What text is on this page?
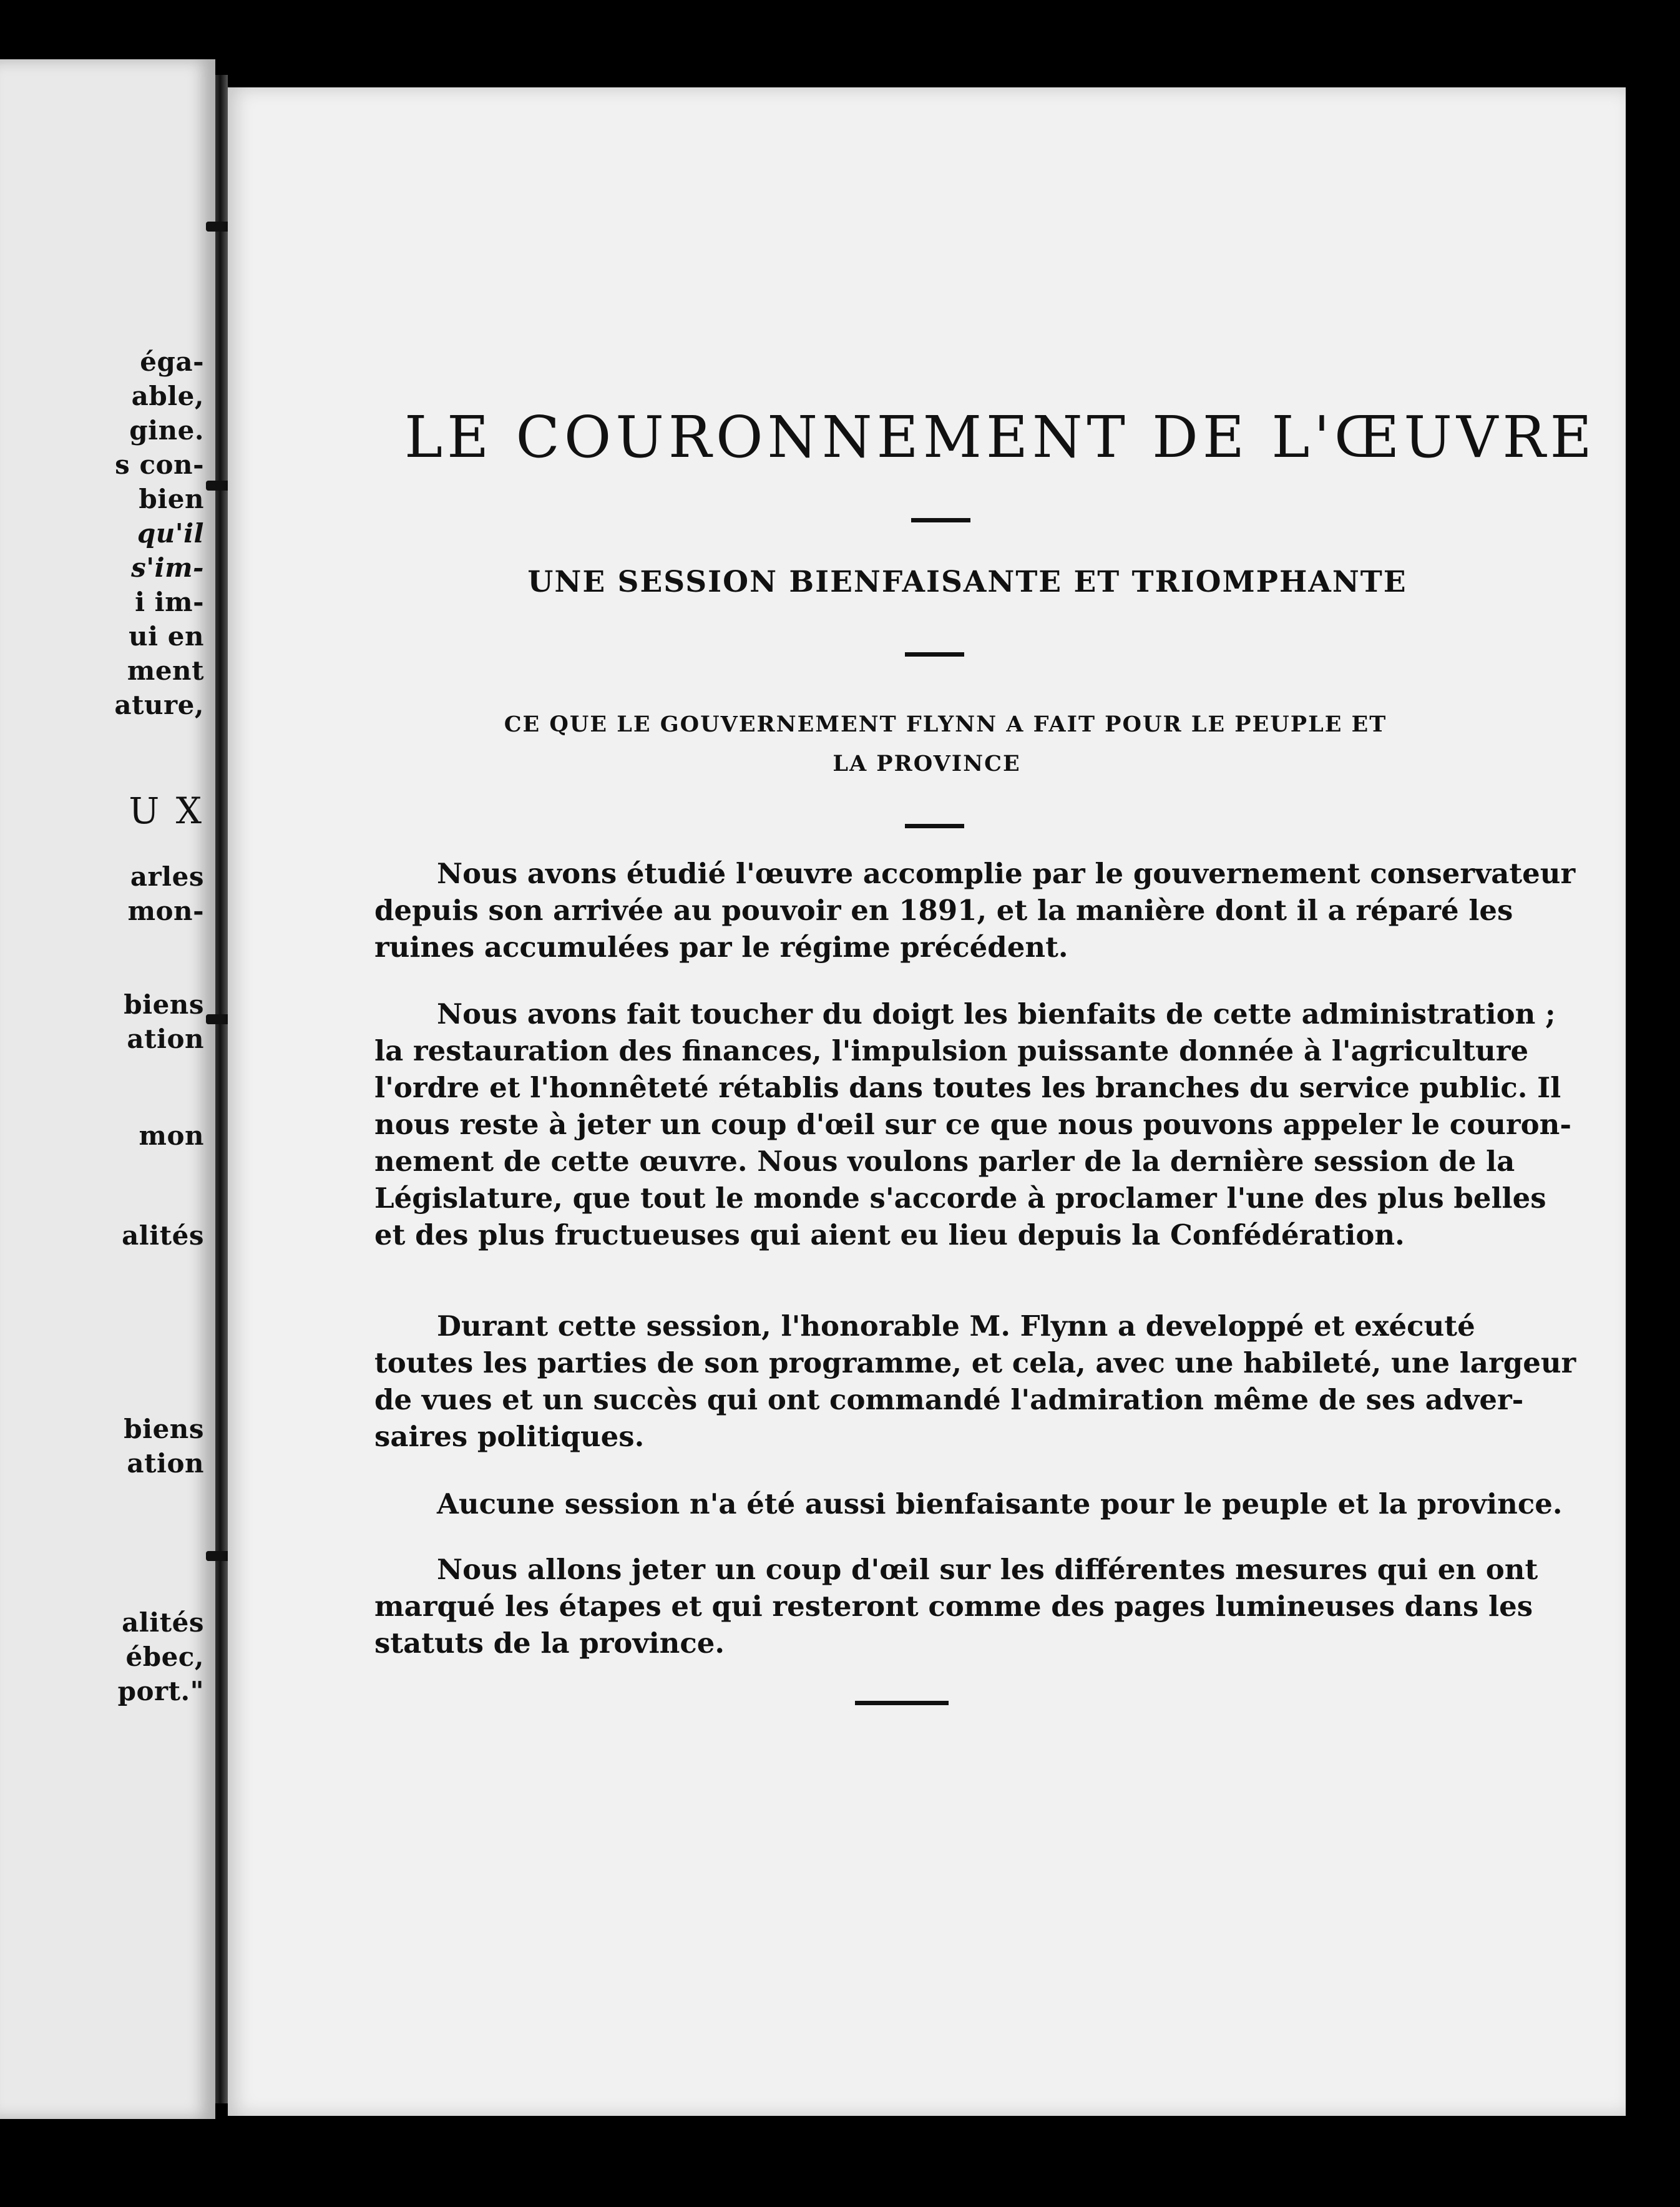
égа-
able,
gine.
s con-
bien
qu'il
s'im-
i im-
ui en
ment
ature,
U X
arles
mon-
biens
ation
mon
alités
biens
ation
alités
ébec,
port."
LE COURONNEMENT DE L'ŒUVRE
UNE SESSION BIENFAISANTE ET TRIOMPHANTE
CE QUE LE GOUVERNEMENT FLYNN A FAIT POUR LE PEUPLE ET
LA PROVINCE
Nous avons étudié l'œuvre accomplie par le gouvernement conservateur
depuis son arrivée au pouvoir en 1891, et la manière dont il a réparé les
ruines accumulées par le régime précédent.
Nous avons fait toucher du doigt les bienfaits de cette administration ;
la restauration des finances, l'impulsion puissante donnée à l'agriculture
l'ordre et l'honnêteté rétablis dans toutes les branches du service public. Il
nous reste à jeter un coup d'œil sur ce que nous pouvons appeler le couron-
nement de cette œuvre. Nous voulons parler de la dernière session de la
Législature, que tout le monde s'accorde à proclamer l'une des plus belles
et des plus fructueuses qui aient eu lieu depuis la Confédération.
Durant cette session, l'honorable M. Flynn a developpé et exécuté
toutes les parties de son programme, et cela, avec une habileté, une largeur
de vues et un succès qui ont commandé l'admiration même de ses adver-
saires politiques.
Aucune session n'a été aussi bienfaisante pour le peuple et la province.
Nous allons jeter un coup d'œil sur les différentes mesures qui en ont
marqué les étapes et qui resteront comme des pages lumineuses dans les
statuts de la province.
